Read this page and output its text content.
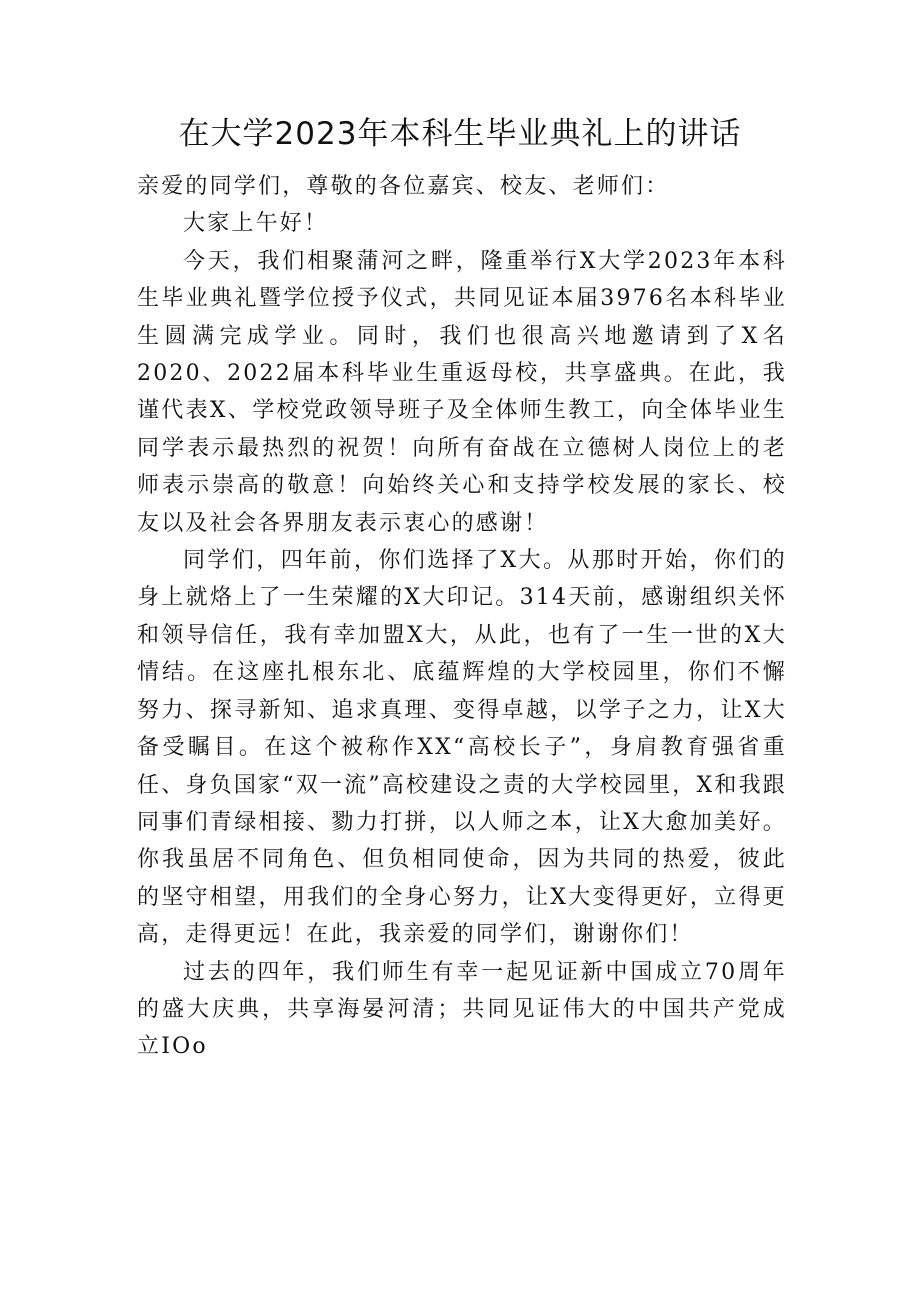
在大学2023年本科生毕业典礼上的讲话

亲爱的同学们，尊敬的各位嘉宾、校友、老师们：

大家上午好！

今天，我们相聚蒲河之畔，隆重举行X大学2023年本科生毕业典礼暨学位授予仪式，共同见证本届3976名本科毕业生圆满完成学业。同时，我们也很高兴地邀请到了X名2020、2022届本科毕业生重返母校，共享盛典。在此，我谨代表X、学校党政领导班子及全体师生教工，向全体毕业生同学表示最热烈的祝贺！向所有奋战在立德树人岗位上的老师表示崇高的敬意！向始终关心和支持学校发展的家长、校友以及社会各界朋友表示衷心的感谢！

同学们，四年前，你们选择了X大。从那时开始，你们的身上就烙上了一生荣耀的X大印记。314天前，感谢组织关怀和领导信任，我有幸加盟X大，从此，也有了一生一世的X大情结。在这座扎根东北、底蕴辉煌的大学校园里，你们不懈努力、探寻新知、追求真理、变得卓越，以学子之力，让X大备受瞩目。在这个被称作XX“高校长子”，身肩教育强省重任、身负国家“双一流”高校建设之责的大学校园里，X和我跟同事们青绿相接、勠力打拼，以人师之本，让X大愈加美好。你我虽居不同角色、但负相同使命，因为共同的热爱，彼此的坚守相望，用我们的全身心努力，让X大变得更好，立得更高，走得更远！在此，我亲爱的同学们，谢谢你们！

过去的四年，我们师生有幸一起见证新中国成立70周年的盛大庆典，共享海晏河清；共同见证伟大的中国共产党成立IOo
